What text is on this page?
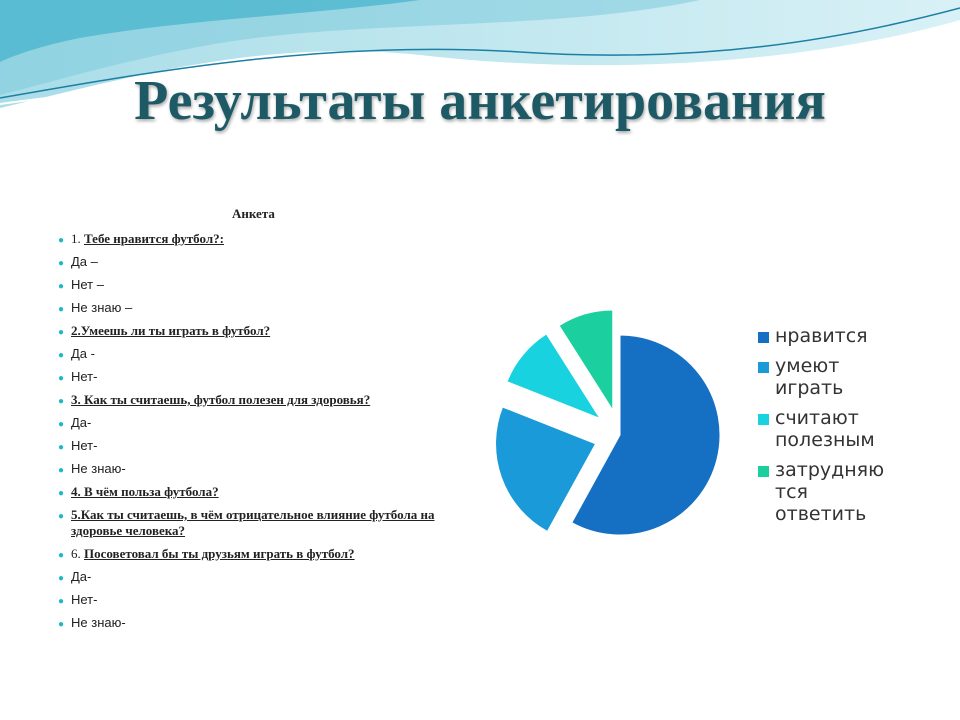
Результаты анкетирования
Анкета
● 1. Тебе нравится футбол?:
● Да –
● Нет –
● Не знаю –
● 2.Умеешь ли ты играть в футбол?
● Да -
● Нет-
● 3. Как ты считаешь, футбол полезен для здоровья?
● Да-
● Нет-
● Не знаю-
● 4. В чём польза футбола?
● 5.Как ты считаешь, в чём отрицательное влияние футбола на здоровье человека?
● 6. Посоветовал бы ты друзьям играть в футбол?
● Да-
● Нет-
● Не знаю-
нравится
умеют играть
считают полезным
затрудняю тся ответить
